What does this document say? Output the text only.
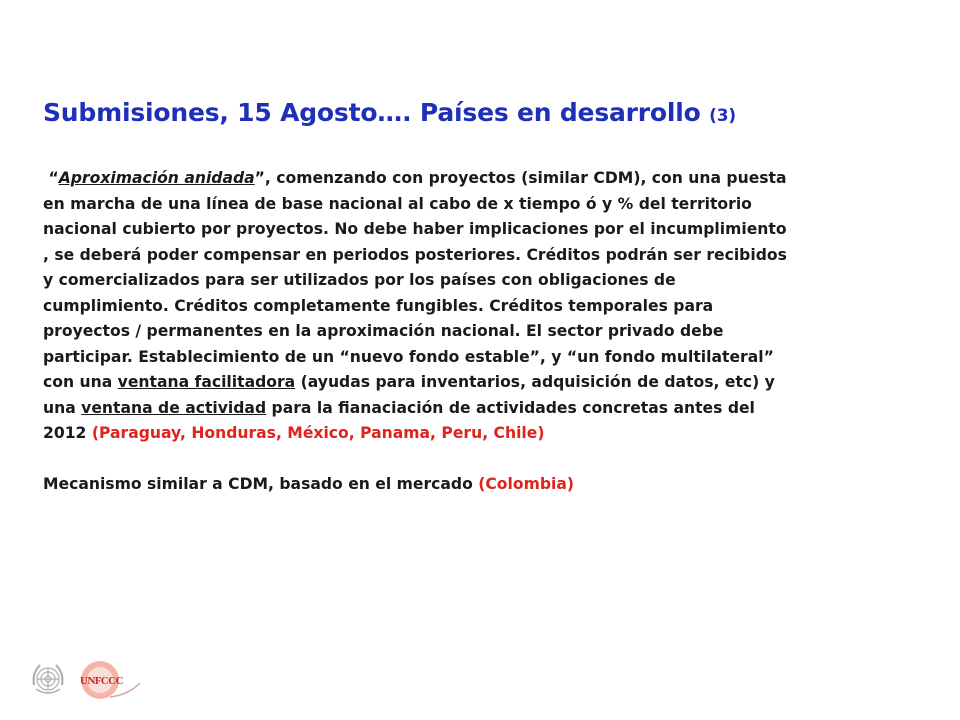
Submisiones, 15 Agosto…. Países en desarrollo (3)

“Aproximación anidada”, comenzando con proyectos (similar CDM), con una puesta
en marcha de una línea de base nacional al cabo de x tiempo ó y % del territorio
nacional cubierto por proyectos. No debe haber implicaciones por el incumplimiento
, se deberá poder compensar en periodos posteriores. Créditos podrán ser recibidos
y comercializados para ser utilizados por los países con obligaciones de
cumplimiento. Créditos completamente fungibles. Créditos temporales para
proyectos / permanentes en la aproximación nacional. El sector privado debe
participar. Establecimiento de un “nuevo fondo estable”, y “un fondo multilateral”
con una ventana facilitadora (ayudas para inventarios, adquisición de datos, etc) y
una ventana de actividad para la fianaciación de actividades concretas antes del
2012 (Paraguay, Honduras, México, Panama, Peru, Chile)

Mecanismo similar a CDM, basado en el mercado (Colombia)

UNFCCC
